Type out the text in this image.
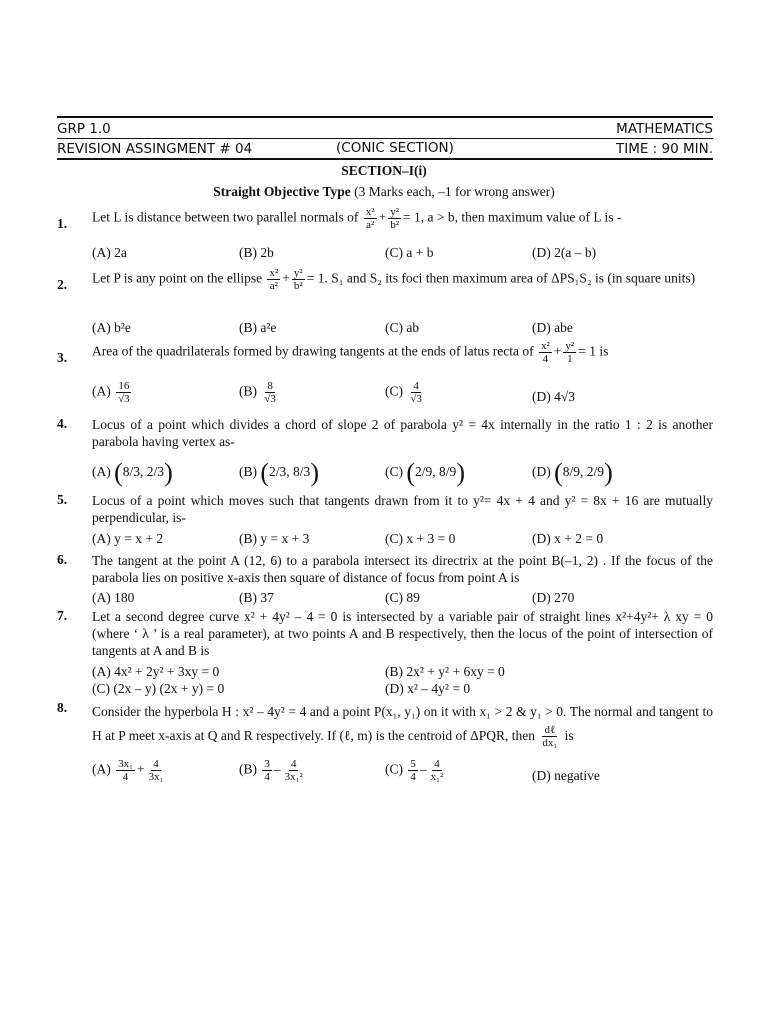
GRP 1.0	MATHEMATICS
REVISION ASSINGMENT # 04	TIME : 90 MIN.
(CONIC SECTION)
SECTION–I(i)
Straight Objective Type (3 Marks each, –1 for wrong answer)
1. Let L is distance between two parallel normals of $\frac{\text{x²}}{\text{a²}} + \frac{\text{y²}}{\text{b²}} = 1$, a > b, then maximum value of L is -
(A) 2a	(B) 2b	(C) a + b	(D) 2(a – b)
2. Let P is any point on the ellipse $\frac{\text{x²}}{\text{a²}} + \frac{\text{y²}}{\text{b²}} = 1$. S₁ and S₂ its foci then maximum area of ΔPS₁S₂ is (in square units)
(A) b²e	(B) a²e	(C) ab	(D) abe
3. Area of the quadrilaterals formed by drawing tangents at the ends of latus recta of $\frac{\text{x²}}{4} + \frac{\text{y²}}{1} = 1$ is
$(A) \frac{16}{√3}$	$(B) \frac{8}{√3}$	$(C) \frac{4}{√3}$	(D) 4√3
4. Locus of a point which divides a chord of slope 2 of parabola y² = 4x internally in the ratio 1 : 2 is another parabola having vertex as-
(A) (8/3, 2/3)	(B) (2/3, 8/3)	(C) (2/9, 8/9)	(D) (8/9, 2/9)
5. Locus of a point which moves such that tangents drawn from it to y²= 4x + 4 and y² = 8x + 16 are mutually perpendicular, is-
(A) y = x + 2	(B) y = x + 3	(C) x + 3 = 0	(D) x + 2 = 0
6. The tangent at the point A (12, 6) to a parabola intersect its directrix at the point B(–1, 2) . If the focus of the parabola lies on positive x-axis then square of distance of focus from point A is
(A) 180	(B) 37	(C) 89	(D) 270
7. Let a second degree curve x² + 4y² – 4 = 0 is intersected by a variable pair of straight lines x²+4y²+ λ xy = 0 (where ‘ λ ’ is a real parameter), at two points A and B respectively, then the locus of the point of intersection of tangents at A and B is
(A) 4x² + 2y² + 3xy = 0	(B) 2x² + y² + 6xy = 0
(C) (2x – y) (2x + y) = 0	(D) x² – 4y² = 0
8. Consider the hyperbola H : x² – 4y² = 4 and a point P(x₁, y₁) on it with x₁ > 2 & y₁ > 0. The normal and tangent to H at P meet x-axis at Q and R respectively. If (ℓ, m) is the centroid of ΔPQR, then $\frac{\text{dℓ}}{\text{dx₁}}$ is
$(A) \frac{\text{3x₁}}{4} + \frac{4}{\text{3x₁}}$	$(B) \frac{3}{4} - \frac{4}{\text{3x₁²}}$	$(C) \frac{5}{4} - \frac{4}{\text{x₁²}}$	(D) negative
